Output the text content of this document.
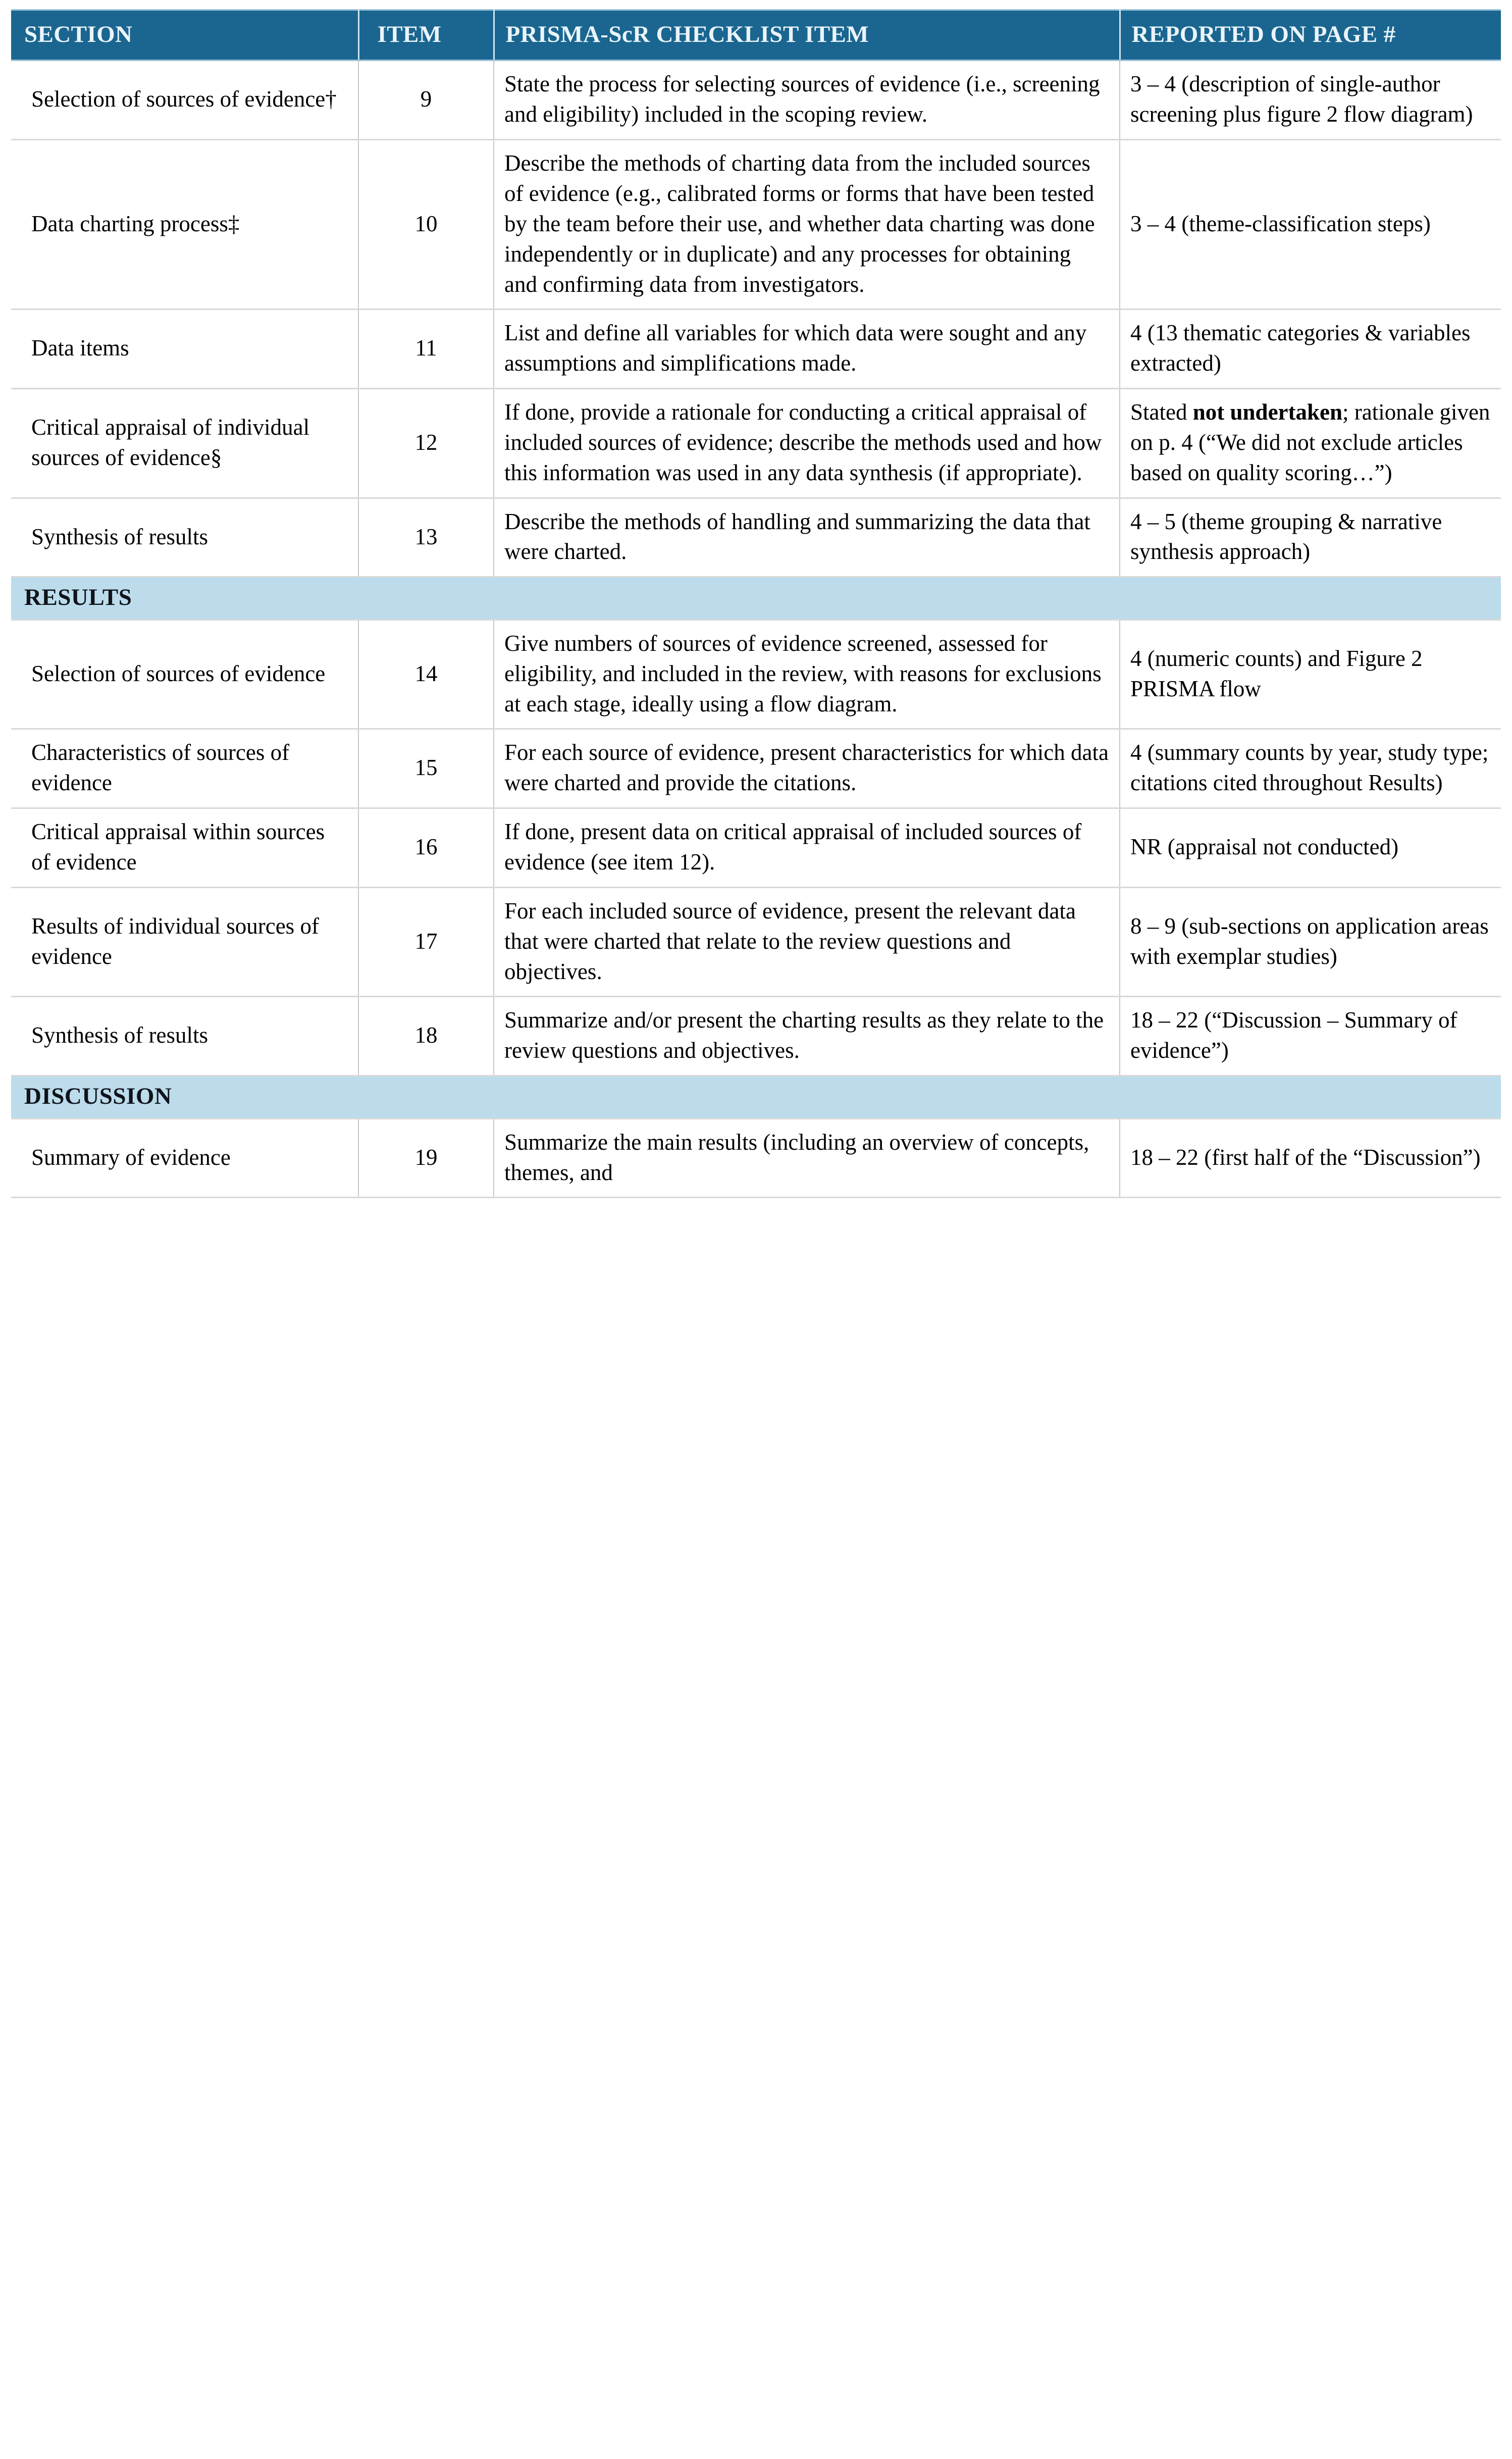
SECTION	ITEM	PRISMA-ScR CHECKLIST ITEM	REPORTED ON PAGE #
Selection of sources of evidence†	9	State the process for selecting sources of evidence (i.e., screening and eligibility) included in the scoping review.	3 – 4 (description of single-author screening plus figure 2 flow diagram)
Data charting process‡	10	Describe the methods of charting data from the included sources of evidence (e.g., calibrated forms or forms that have been tested by the team before their use, and whether data charting was done independently or in duplicate) and any processes for obtaining and confirming data from investigators.	3 – 4 (theme-classification steps)
Data items	11	List and define all variables for which data were sought and any assumptions and simplifications made.	4 (13 thematic categories & variables extracted)
Critical appraisal of individual sources of evidence§	12	If done, provide a rationale for conducting a critical appraisal of included sources of evidence; describe the methods used and how this information was used in any data synthesis (if appropriate).	Stated not undertaken; rationale given on p. 4 (“We did not exclude articles based on quality scoring…”)
Synthesis of results	13	Describe the methods of handling and summarizing the data that were charted.	4 – 5 (theme grouping & narrative synthesis approach)
RESULTS			
Selection of sources of evidence	14	Give numbers of sources of evidence screened, assessed for eligibility, and included in the review, with reasons for exclusions at each stage, ideally using a flow diagram.	4 (numeric counts) and Figure 2 PRISMA flow
Characteristics of sources of evidence	15	For each source of evidence, present characteristics for which data were charted and provide the citations.	4 (summary counts by year, study type; citations cited throughout Results)
Critical appraisal within sources of evidence	16	If done, present data on critical appraisal of included sources of evidence (see item 12).	NR (appraisal not conducted)
Results of individual sources of evidence	17	For each included source of evidence, present the relevant data that were charted that relate to the review questions and objectives.	8 – 9 (sub-sections on application areas with exemplar studies)
Synthesis of results	18	Summarize and/or present the charting results as they relate to the review questions and objectives.	18 – 22 (“Discussion – Summary of evidence”)
DISCUSSION			
Summary of evidence	19	Summarize the main results (including an overview of concepts, themes, and	18 – 22 (first half of the “Discussion”)
